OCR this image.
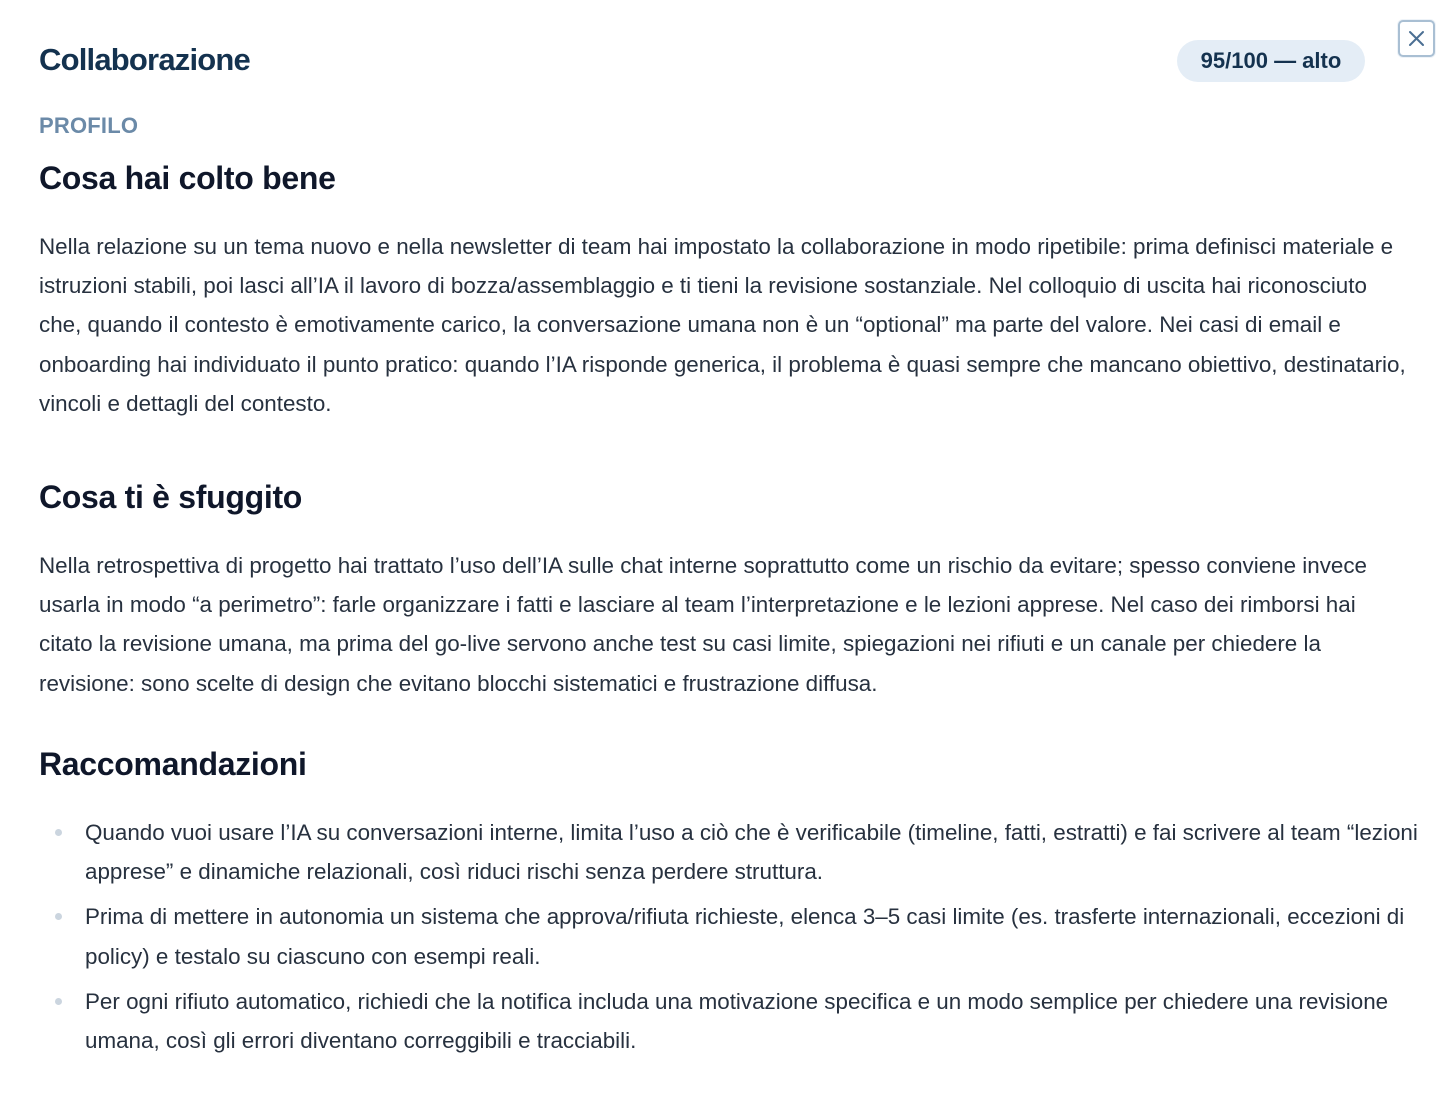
Collaborazione	95/100 — alto
PROFILO
Cosa hai colto bene

Nella relazione su un tema nuovo e nella newsletter di team hai impostato la collaborazione in modo ripetibile: prima definisci materiale e istruzioni stabili, poi lasci all’IA il lavoro di bozza/assemblaggio e ti tieni la revisione sostanziale. Nel colloquio di uscita hai riconosciuto che, quando il contesto è emotivamente carico, la conversazione umana non è un “optional” ma parte del valore. Nei casi di email e onboarding hai individuato il punto pratico: quando l’IA risponde generica, il problema è quasi sempre che mancano obiettivo, destinatario, vincoli e dettagli del contesto.

Cosa ti è sfuggito

Nella retrospettiva di progetto hai trattato l’uso dell’IA sulle chat interne soprattutto come un rischio da evitare; spesso conviene invece usarla in modo “a perimetro”: farle organizzare i fatti e lasciare al team l’interpretazione e le lezioni apprese. Nel caso dei rimborsi hai citato la revisione umana, ma prima del go-live servono anche test su casi limite, spiegazioni nei rifiuti e un canale per chiedere la revisione: sono scelte di design che evitano blocchi sistematici e frustrazione diffusa.

Raccomandazioni
Quando vuoi usare l’IA su conversazioni interne, limita l’uso a ciò che è verificabile (timeline, fatti, estratti) e fai scrivere al team “lezioni apprese” e dinamiche relazionali, così riduci rischi senza perdere struttura.
Prima di mettere in autonomia un sistema che approva/rifiuta richieste, elenca 3–5 casi limite (es. trasferte internazionali, eccezioni di policy) e testalo su ciascuno con esempi reali.
Per ogni rifiuto automatico, richiedi che la notifica includa una motivazione specifica e un modo semplice per chiedere una revisione umana, così gli errori diventano correggibili e tracciabili.
